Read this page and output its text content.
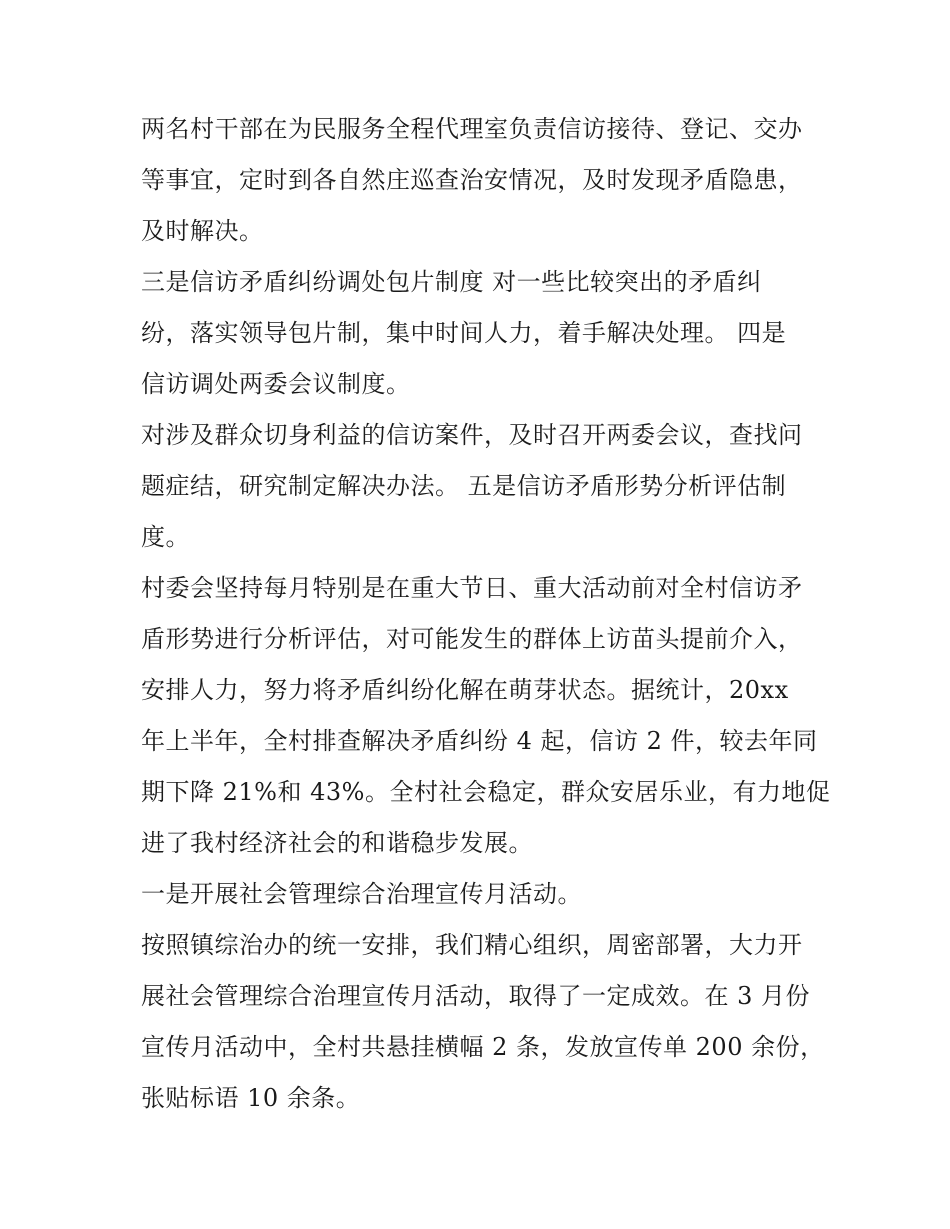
两名村干部在为民服务全程代理室负责信访接待、登记、交办
等事宜，定时到各自然庄巡查治安情况，及时发现矛盾隐患，
及时解决。
三是信访矛盾纠纷调处包片制度 对一些比较突出的矛盾纠
纷，落实领导包片制，集中时间人力，着手解决处理。 四是
信访调处两委会议制度。
对涉及群众切身利益的信访案件，及时召开两委会议，查找问
题症结，研究制定解决办法。 五是信访矛盾形势分析评估制
度。
村委会坚持每月特别是在重大节日、重大活动前对全村信访矛
盾形势进行分析评估，对可能发生的群体上访苗头提前介入，
安排人力，努力将矛盾纠纷化解在萌芽状态。据统计，20xx
年上半年，全村排查解决矛盾纠纷 4 起，信访 2 件，较去年同
期下降 21%和 43%。全村社会稳定，群众安居乐业，有力地促
进了我村经济社会的和谐稳步发展。
一是开展社会管理综合治理宣传月活动。
按照镇综治办的统一安排，我们精心组织，周密部署，大力开
展社会管理综合治理宣传月活动，取得了一定成效。在 3 月份
宣传月活动中，全村共悬挂横幅 2 条，发放宣传单 200 余份，
张贴标语 10 余条。
